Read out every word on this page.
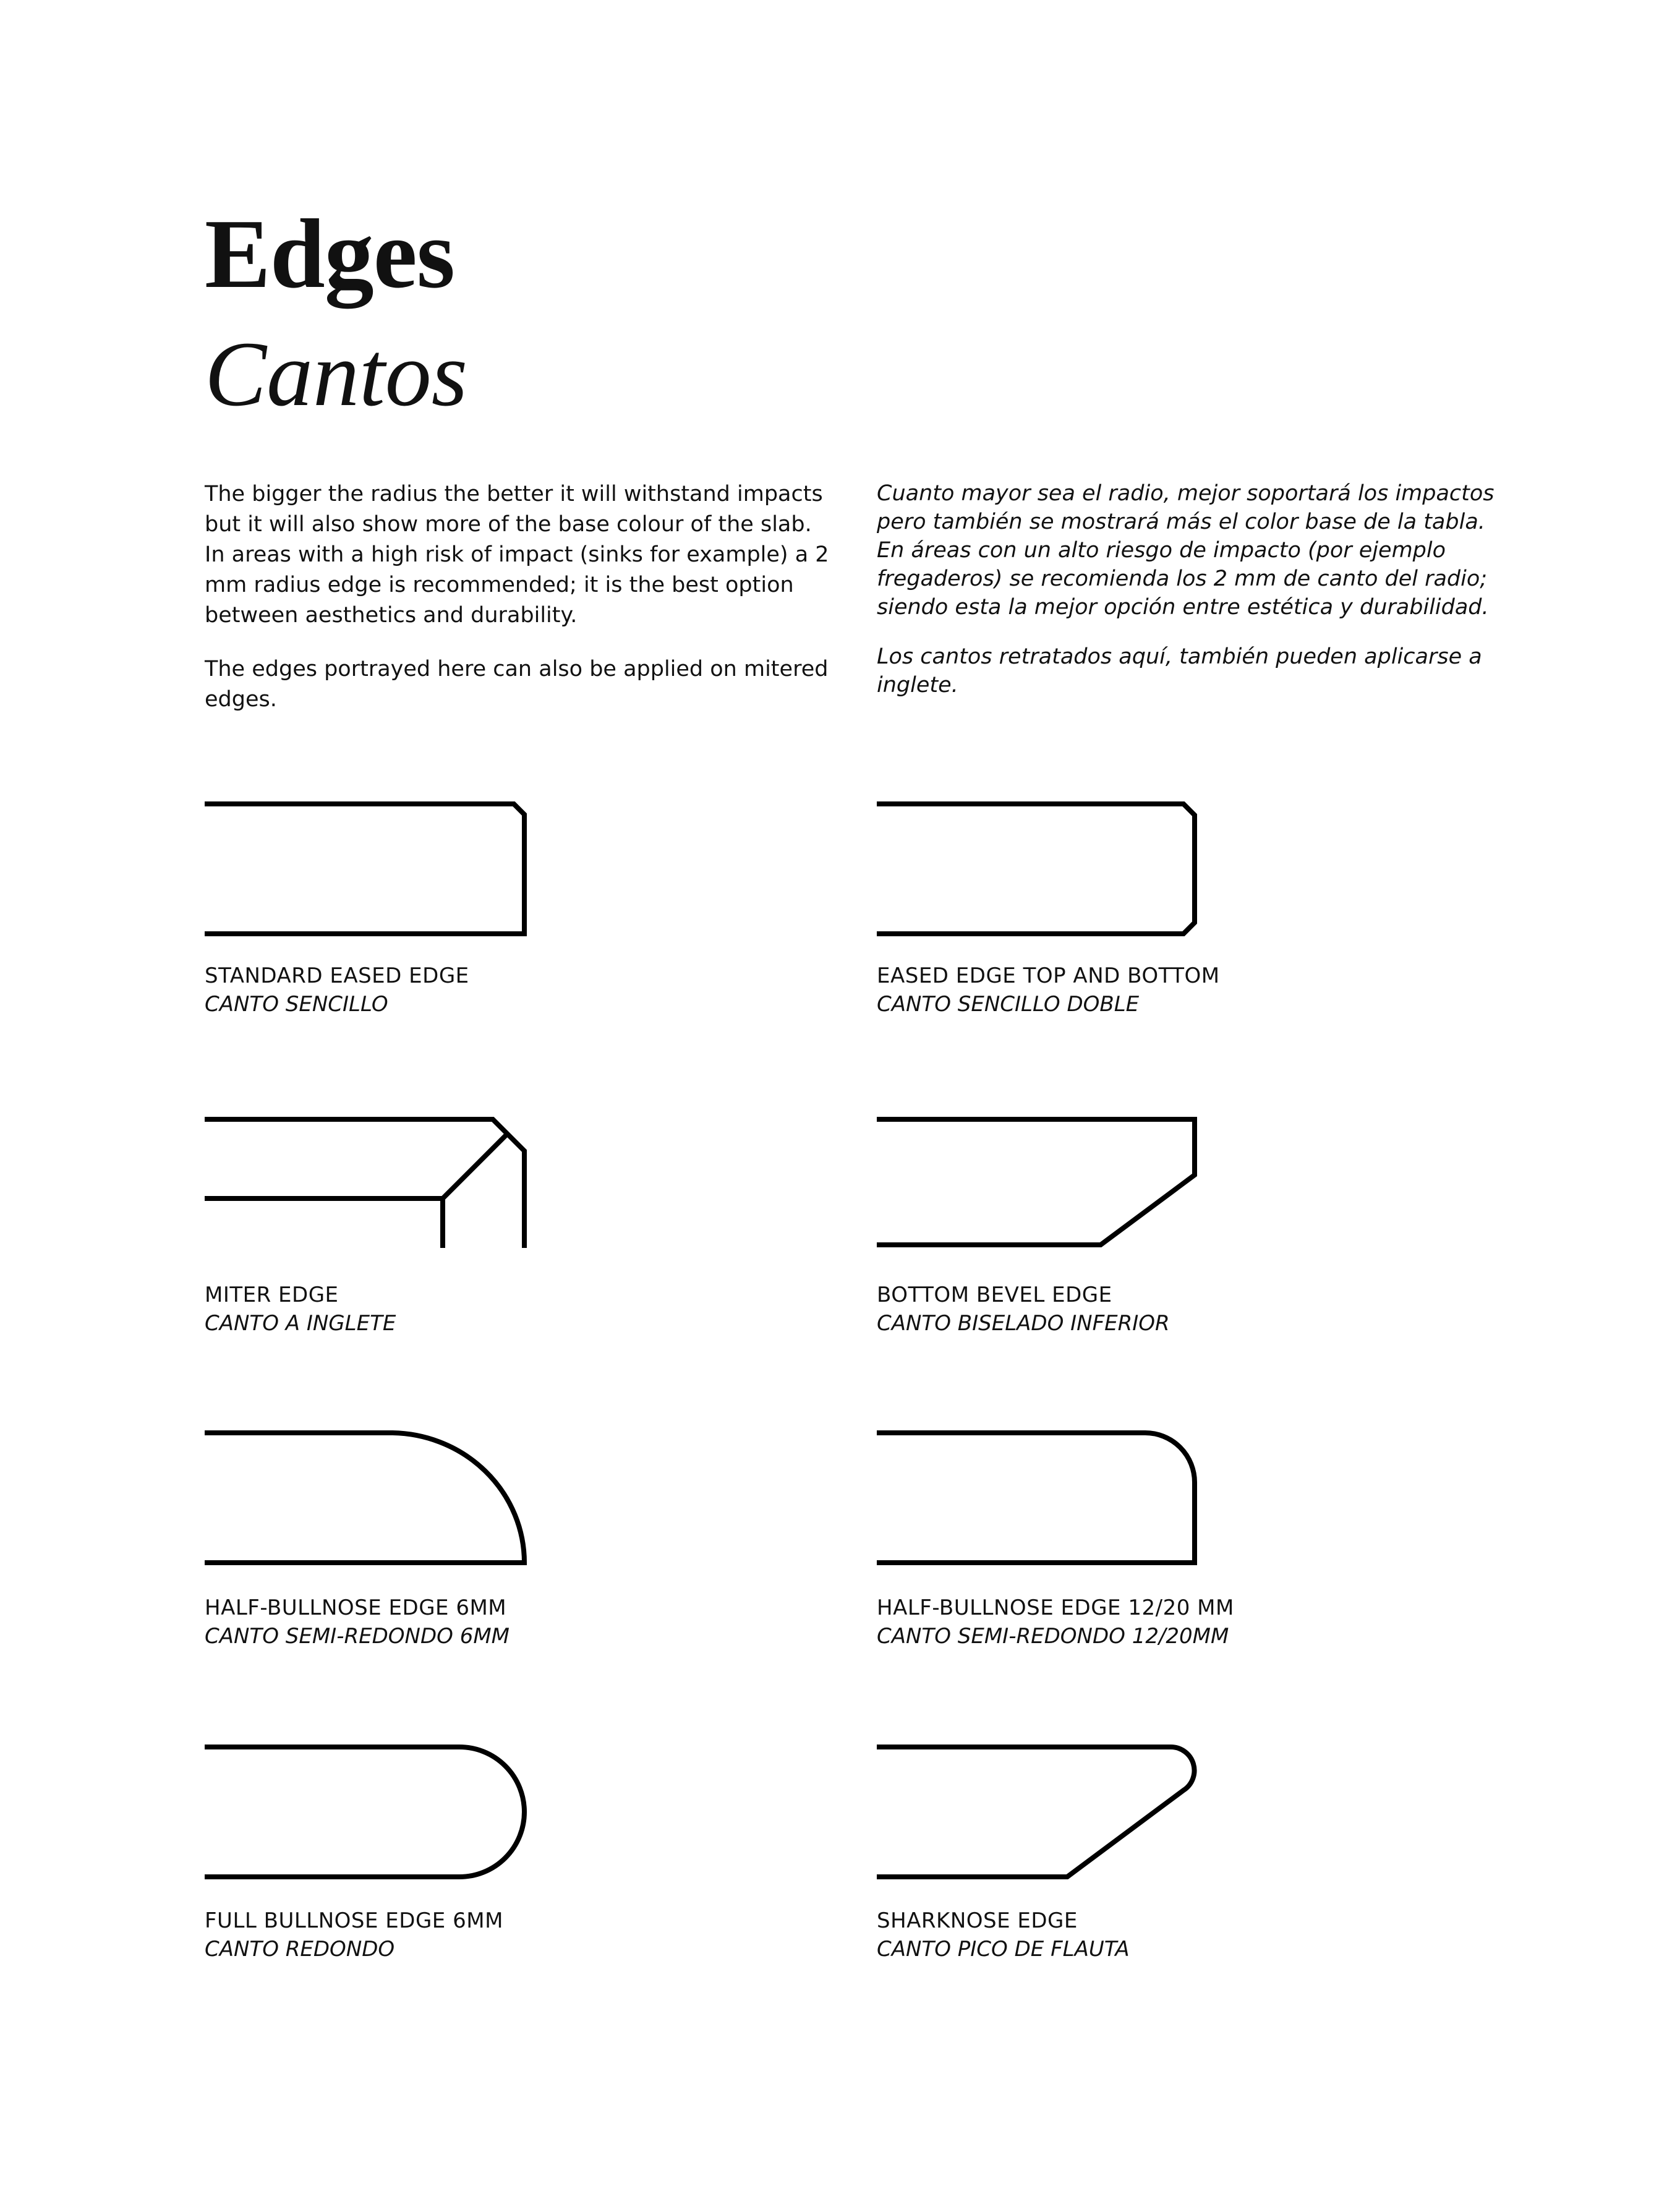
Edges
Cantos

The bigger the radius the better it will withstand impacts but it will also show more of the base colour of the slab. In areas with a high risk of impact (sinks for example) a 2 mm radius edge is recommended; it is the best option between aesthetics and durability.

The edges portrayed here can also be applied on mitered edges.

Cuanto mayor sea el radio, mejor soportará los impactos pero también se mostrará más el color base de la tabla. En áreas con un alto riesgo de impacto (por ejemplo fregaderos) se recomienda los 2 mm de canto del radio; siendo esta la mejor opción entre estética y durabilidad.

Los cantos retratados aquí, también pueden aplicarse a inglete.

STANDARD EASED EDGE
CANTO SENCILLO
EASED EDGE TOP AND BOTTOM
CANTO SENCILLO DOBLE
MITER EDGE
CANTO A INGLETE
BOTTOM BEVEL EDGE
CANTO BISELADO INFERIOR
HALF-BULLNOSE EDGE 6MM
CANTO SEMI-REDONDO 6MM
HALF-BULLNOSE EDGE 12/20 MM
CANTO SEMI-REDONDO 12/20MM
FULL BULLNOSE EDGE 6MM
CANTO REDONDO
SHARKNOSE EDGE
CANTO PICO DE FLAUTA
